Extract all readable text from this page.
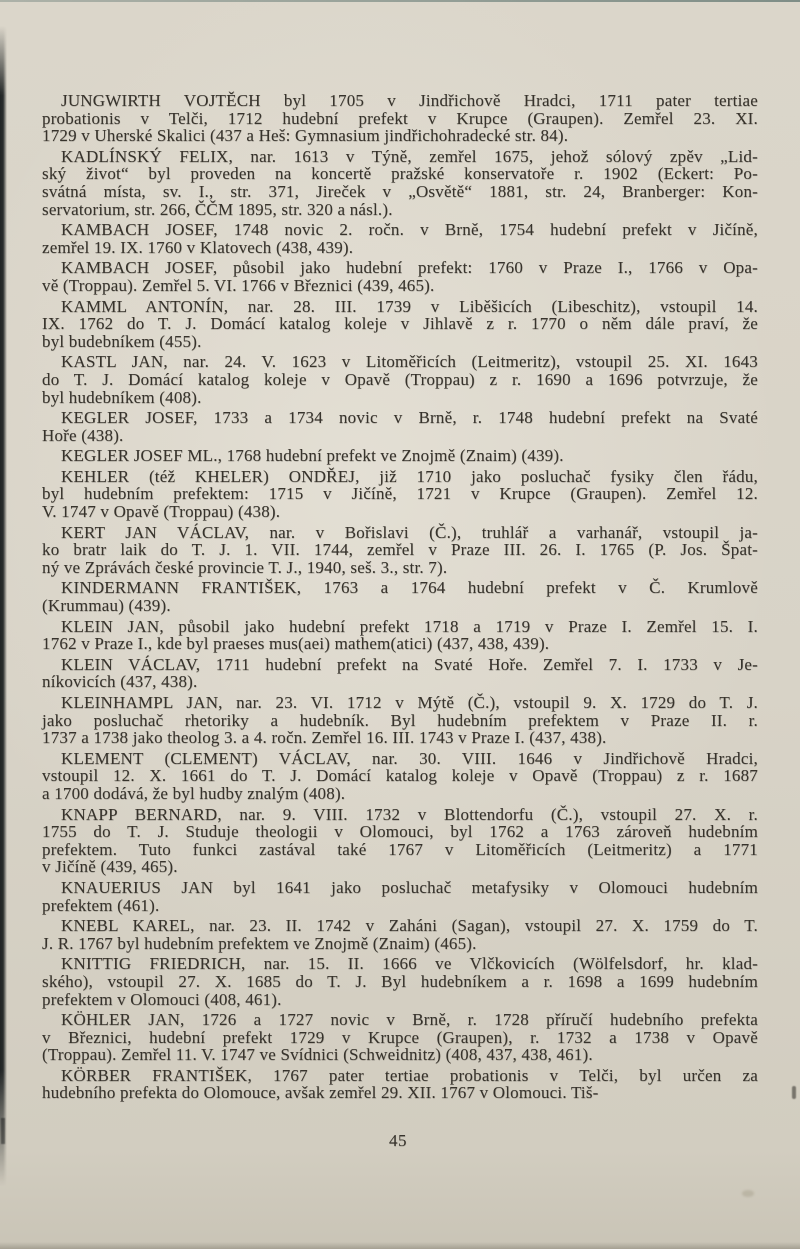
JUNGWIRTH VOJTĚCH byl 1705 v Jindřichově Hradci, 1711 pater tertiae
probationis v Telči, 1712 hudební prefekt v Krupce (Graupen). Zemřel 23. XI.
1729 v Uherské Skalici (437 a Heš: Gymnasium jindřichohradecké str. 84).

KADLÍNSKÝ FELIX, nar. 1613 v Týně, zemřel 1675, jehož sólový zpěv „Lid-
ský život“ byl proveden na koncertě pražské konservatoře r. 1902 (Eckert: Po-
svátná místa, sv. I., str. 371, Jireček v „Osvětě“ 1881, str. 24, Branberger: Kon-
servatorium, str. 266, ČČM 1895, str. 320 a násl.).

KAMBACH JOSEF, 1748 novic 2. ročn. v Brně, 1754 hudební prefekt v Jičíně,
zemřel 19. IX. 1760 v Klatovech (438, 439).

KAMBACH JOSEF, působil jako hudební prefekt: 1760 v Praze I., 1766 v Opa-
vě (Troppau). Zemřel 5. VI. 1766 v Březnici (439, 465).

KAMML ANTONÍN, nar. 28. III. 1739 v Liběšicích (Libeschitz), vstoupil 14.
IX. 1762 do T. J. Domácí katalog koleje v Jihlavě z r. 1770 o něm dále praví, že
byl budebníkem (455).

KASTL JAN, nar. 24. V. 1623 v Litoměřicích (Leitmeritz), vstoupil 25. XI. 1643
do T. J. Domácí katalog koleje v Opavě (Troppau) z r. 1690 a 1696 potvrzuje, že
byl hudebníkem (408).

KEGLER JOSEF, 1733 a 1734 novic v Brně, r. 1748 hudební prefekt na Svaté
Hoře (438).

KEGLER JOSEF ML., 1768 hudební prefekt ve Znojmě (Znaim) (439).

KEHLER (též KHELER) ONDŘEJ, již 1710 jako posluchač fysiky člen řádu,
byl hudebním prefektem: 1715 v Jičíně, 1721 v Krupce (Graupen). Zemřel 12.
V. 1747 v Opavě (Troppau) (438).

KERT JAN VÁCLAV, nar. v Bořislavi (Č.), truhlář a varhanář, vstoupil ja-
ko bratr laik do T. J. 1. VII. 1744, zemřel v Praze III. 26. I. 1765 (P. Jos. Špat-
ný ve Zprávách české provincie T. J., 1940, seš. 3., str. 7).

KINDERMANN FRANTIŠEK, 1763 a 1764 hudební prefekt v Č. Krumlově
(Krummau) (439).

KLEIN JAN, působil jako hudební prefekt 1718 a 1719 v Praze I. Zemřel 15. I.
1762 v Praze I., kde byl praeses mus(aei) mathem(atici) (437, 438, 439).

KLEIN VÁCLAV, 1711 hudební prefekt na Svaté Hoře. Zemřel 7. I. 1733 v Je-
níkovicích (437, 438).

KLEINHAMPL JAN, nar. 23. VI. 1712 v Mýtě (Č.), vstoupil 9. X. 1729 do T. J.
jako posluchač rhetoriky a hudebník. Byl hudebním prefektem v Praze II. r.
1737 a 1738 jako theolog 3. a 4. ročn. Zemřel 16. III. 1743 v Praze I. (437, 438).

KLEMENT (CLEMENT) VÁCLAV, nar. 30. VIII. 1646 v Jindřichově Hradci,
vstoupil 12. X. 1661 do T. J. Domácí katalog koleje v Opavě (Troppau) z r. 1687
a 1700 dodává, že byl hudby znalým (408).

KNAPP BERNARD, nar. 9. VIII. 1732 v Blottendorfu (Č.), vstoupil 27. X. r.
1755 do T. J. Studuje theologii v Olomouci, byl 1762 a 1763 zároveň hudebním
prefektem. Tuto funkci zastával také 1767 v Litoměřicích (Leitmeritz) a 1771
v Jičíně (439, 465).

KNAUERIUS JAN byl 1641 jako posluchač metafysiky v Olomouci hudebním
prefektem (461).

KNEBL KAREL, nar. 23. II. 1742 v Zaháni (Sagan), vstoupil 27. X. 1759 do T.
J. R. 1767 byl hudebním prefektem ve Znojmě (Znaim) (465).

KNITTIG FRIEDRICH, nar. 15. II. 1666 ve Vlčkovicích (Wölfelsdorf, hr. klad-
ského), vstoupil 27. X. 1685 do T. J. Byl hudebníkem a r. 1698 a 1699 hudebním
prefektem v Olomouci (408, 461).

KÖHLER JAN, 1726 a 1727 novic v Brně, r. 1728 příručí hudebního prefekta
v Březnici, hudební prefekt 1729 v Krupce (Graupen), r. 1732 a 1738 v Opavě
(Troppau). Zemřel 11. V. 1747 ve Svídnici (Schweidnitz) (408, 437, 438, 461).

KÖRBER FRANTIŠEK, 1767 pater tertiae probationis v Telči, byl určen za
hudebního prefekta do Olomouce, avšak zemřel 29. XII. 1767 v Olomouci. Tiš-

45
